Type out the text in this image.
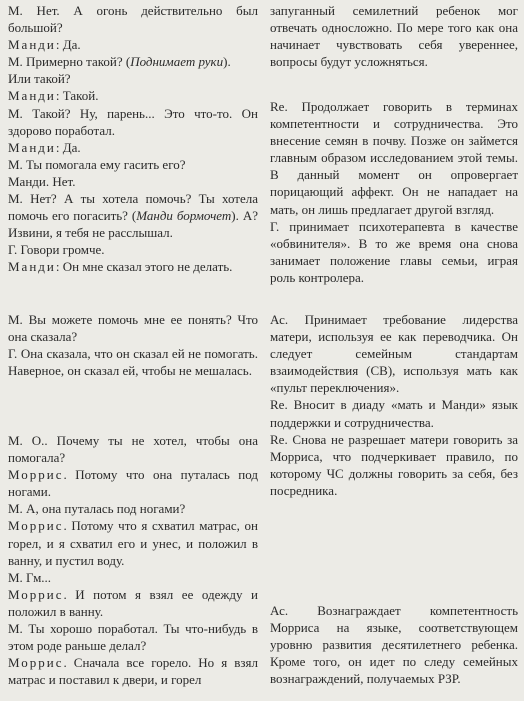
М. Нет. А огонь действительно был большой?

Манди: Да.

М. Примерно такой? (Поднимает руки).

Или такой?

Манди: Такой.

М. Такой? Ну, парень... Это что-то. Он здорово поработал.

Манди: Да.

М. Ты помогала ему гасить его?

Манди. Нет.

М. Нет? А ты хотела помочь? Ты хотела помочь его погасить? (Манди бормочет). А? Извини, я тебя не расслышал.

Г. Говори громче.

Манди: Он мне сказал этого не делать.

М. Вы можете помочь мне ее понять? Что она сказала?

Г. Она сказала, что он сказал ей не помогать. Наверное, он сказал ей, чтобы не мешалась.

М. О.. Почему ты не хотел, чтобы она помогала?

Моррис. Потому что она путалась под ногами.

М. А, она путалась под ногами?

Моррис. Потому что я схватил матрас, он горел, и я схватил его и унес, и положил в ванну, и пустил воду.

М. Гм...

Моррис. И потом я взял ее одежду и положил в ванну.

М. Ты хорошо поработал. Ты что-нибудь в этом роде раньше делал?

Моррис. Сначала все горело. Но я взял матрас и поставил к двери, и горел

запуганный семилетний ребенок мог отвечать односложно. По мере того как она начинает чувствовать себя увереннее, вопросы будут усложняться.

Re. Продолжает говорить в терминах компетентности и сотрудничества. Это внесение семян в почву. Позже он займется главным образом исследованием этой темы. В данный момент он опровергает порицающий аффект. Он не нападает на мать, он лишь предлагает другой взгляд.

Г. принимает психотерапевта в качестве «обвинителя». В то же время она снова занимает положение главы семьи, играя роль контролера.

Ас. Принимает требование лидерства матери, используя ее как переводчика. Он следует семейным стандартам взаимодействия (СВ), используя мать как «пульт переключения».

Re. Вносит в диаду «мать и Манди» язык поддержки и сотрудничества.

Re. Снова не разрешает матери говорить за Морриса, что подчеркивает правило, по которому ЧС должны говорить за себя, без посредника.

Ас. Вознаграждает компетентность Морриса на языке, соответствующем уровню развития десятилетнего ребенка. Кроме того, он идет по следу семейных вознаграждений, получаемых РЗР.
